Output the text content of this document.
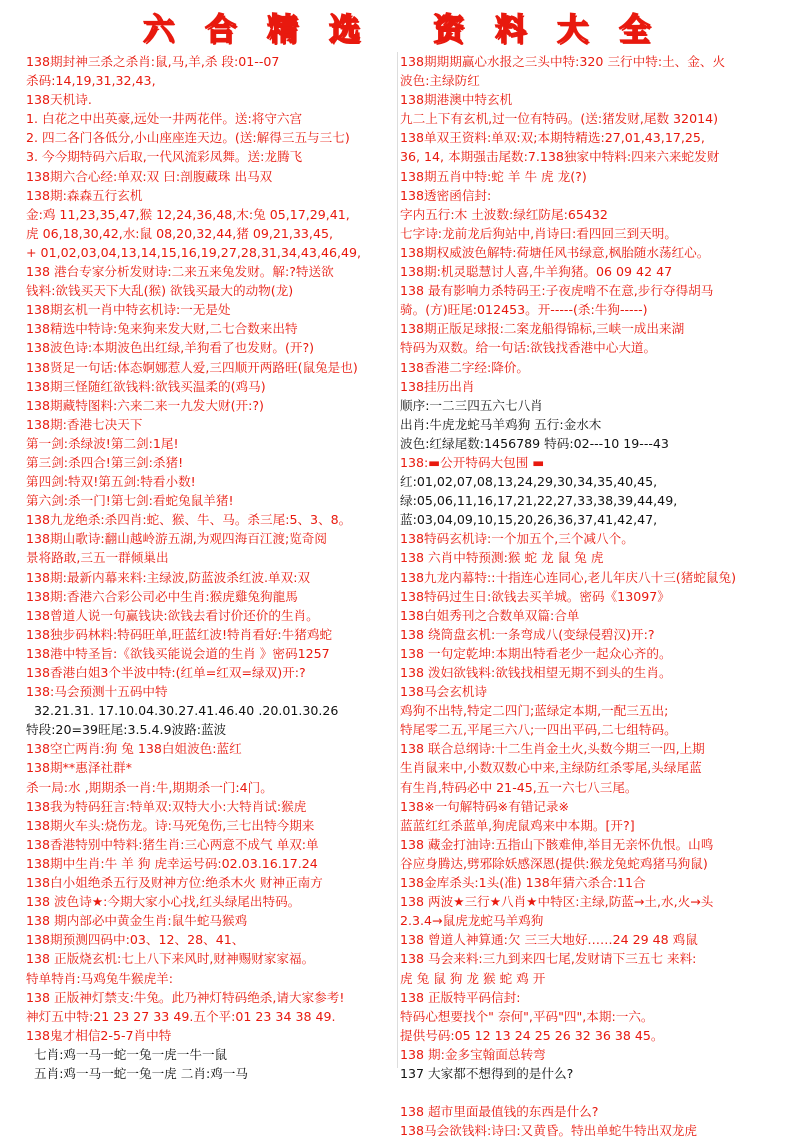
六 合 精 选 资 料 大 全
138期封神三杀之杀肖:鼠,马,羊,杀 段:01--07
杀码:14,19,31,32,43,
138天机诗.
1. 白花之中出英豪,远处一井两花伴。送:将守六宫
2. 四二各门各低分,小山座座连天边。(送:解得三五与三七)
3. 今今期特码六后取,一代风流彩凤舞。送:龙腾飞
138期六合心经:单双:双 曰:剖腹藏珠 出马双
138期:森森五行玄机
金:鸡 11,23,35,47,猴 12,24,36,48,木:兔 05,17,29,41,
虎 06,18,30,42,水:鼠 08,20,32,44,猪 09,21,33,45,
+ 01,02,03,04,13,14,15,16,19,27,28,31,34,43,46,49,
138 港台专家分析发财诗:二来五来兔发财。解:?特送欲
钱料:欲钱买天下大乱(猴) 欲钱买最大的动物(龙)
138期玄机一肖中特玄机诗:一无是处
138精选中特诗:兔来狗来发大财,二七合数来出特
138波色诗:本期波色出红绿,羊狗看了也发财。(开?)
138贤足一句话:体态婀娜惹人爱,三四顺开两路旺(鼠兔是也)
138期三怪随红欲钱料:欲钱买温柔的(鸡马)
138期藏特图料:六来二来一九发大财(开:?)
138期:香港七决天下
第一剑:杀绿波!第二剑:1尾!
第三剑:杀四合!第三剑:杀猪!
第四剑:特双!第五剑:特看小数!
第六剑:杀一门!第七剑:看蛇兔鼠羊猪!
138九龙绝杀:杀四肖:蛇、猴、牛、马。杀三尾:5、3、8。
138期山歌诗:翻山越岭游五湖,为观四海百江渡;览奇阅
景将路敢,三五一群倾巢出
138期:最新内幕来料:主绿波,防蓝波杀红波.单双:双
138期:香港六合彩公司必中生肖:猴虎雞兔狗龍馬
138曾道人说一句赢钱诀:欲钱去看讨价还价的生肖。
138独步码林料:特码旺单,旺蓝红波!特肖看好:牛猪鸡蛇
138港中特圣旨:《欲钱买能说会道的生肖 》密码1257
138香港白姐3个半波中特:(红单=红双=绿双)开:?
138:马会预测十五码中特
32.21.31. 17.10.04.30.27.41.46.40 .20.01.30.26
特段:20=39旺尾:3.5.4.9波路:蓝波
138空亡两肖:狗 兔 138白姐波色:蓝红
138期**惠泽社群*
杀一局:水 ,期期杀一肖:牛,期期杀一门:4门。
138我为特码狂言:特单双:双特大小:大特肖试:猴虎
138期火车头:烧伤龙。诗:马死兔伤,三七出特今期来
138香港特别中特料:猪生肖:三心两意不成气 单双:单
138期中生肖:牛 羊 狗 虎幸运号码:02.03.16.17.24
138白小姐绝杀五行及财神方位:绝杀木火 财神正南方
138 波色诗★:今期大家小心找,红头绿尾出特码。
138 期内部必中黄金生肖:鼠牛蛇马猴鸡
138期预测四码中:03、12、28、41、
138 正版烧玄机:七上八下来风时,财神赐财家家福。
特单特肖:马鸡兔牛猴虎羊:
138 正版神灯禁支:牛兔。此乃神灯特码绝杀,请大家参考!
神灯五中特:21 23 27 33 49.五个平:01 23 34 38 49.
138鬼才相信2-5-7肖中特
七肖:鸡一马一蛇一兔一虎一牛一鼠
五肖:鸡一马一蛇一兔一虎 二肖:鸡一马
138期期期赢心水报之三头中特:320 三行中特:土、金、火
波色:主绿防红
138期港澳中特玄机
九二上下有玄机,过一位有特码。(送:猪发财,尾数 32014)
138单双王资料:单双:双;本期特精选:27,01,43,17,25,
36, 14, 本期强击尾数:7.138独家中特料:四来六来蛇发财
138期五肖中特:蛇 羊 牛 虎 龙(?)
138透密函信封:
字内五行:木 土波数:绿红防尾:65432
七字诗:龙前龙后狗站中,肖诗曰:看四回三到天明。
138期权威波色解特:荷塘任风书绿意,枫胎随水荡红心。
138期:机灵聪慧讨人喜,牛羊狗猪。06 09 42 47
138 最有影响力杀特码王:子夜虎啃不在意,步行夺得胡马
骑。(方)旺尾:012453。开-----(杀:牛狗-----)
138期正版足球报:二案龙船得锦标,三峡一成出来湖
特码为双数。给一句话:欲钱找香港中心大道。
138香港二字经:降价。
138挂历出肖
顺序:一二三四五六七八肖
出肖:牛虎龙蛇马羊鸡狗 五行:金水木
波色:红绿尾数:1456789 特码:02---10 19---43
138:▬公开特码大包围 ▬
红:01,02,07,08,13,24,29,30,34,35,40,45,
绿:05,06,11,16,17,21,22,27,33,38,39,44,49,
蓝:03,04,09,10,15,20,26,36,37,41,42,47,
138特码玄机诗:一个加五个,三个减八个。
138 六肖中特预测:猴 蛇 龙 鼠 兔 虎
138九龙内幕特::十指连心连同心,老儿年庆八十三(猪蛇鼠兔)
138特码过生日:欲钱去买羊城。密码《13097》
138白姐秀刊之合数单双篇:合单
138 绕筒盘玄机:一条弯成八(变绿侵碧汉)开:?
138 一句定乾坤:本期出特看老少一起众心齐的。
138 泼妇欲钱料:欲钱找相望无期不到头的生肖。
138马会玄机诗
鸡狗不出特,特定二四门;蓝绿定本期,一配三五出;
特尾零二五,平尾三六八;一四出平码,二七组特码。
138 联合总纲诗:十二生肖金土火,头数今期三一四,上期
生肖鼠来中,小数双数心中来,主绿防红杀零尾,头绿尾蓝
有生肖,特码必中 21-45,五一六七八三尾。
138※一句解特码※有错记录※
蓝蓝红红杀蓝单,狗虎鼠鸡来中本期。[开?]
138 藏金打油诗:五指山下骸难伸,举目无亲怀仇恨。山鸣
谷应身腾达,劈邪除妖感深恩(提供:猴龙兔蛇鸡猪马狗鼠)
138金库杀头:1头(准) 138年猜六杀合:11合
138 两波★三行★八肖★中特区:主绿,防蓝→土,水,火→头
2.3.4→鼠虎龙蛇马羊鸡狗
138 曾道人神算通:欠 三三大地好……24 29 48 鸡鼠
138 马会来料:三九到来四七尾,发财请下三五七 来料:
虎 兔 鼠 狗 龙 猴 蛇 鸡 开
138 正版特平码信封:
特码心想要找个" 奈何",平码"四",本期:一六。
提供号码:05 12 13 24 25 26 32 36 38 45。
138 期:金多宝翰面总转弯
137 大家都不想得到的是什么?
138 超市里面最值钱的东西是什么?
138马会欲钱料:诗曰:又黄昏。特出单蛇牛特出双龙虎
